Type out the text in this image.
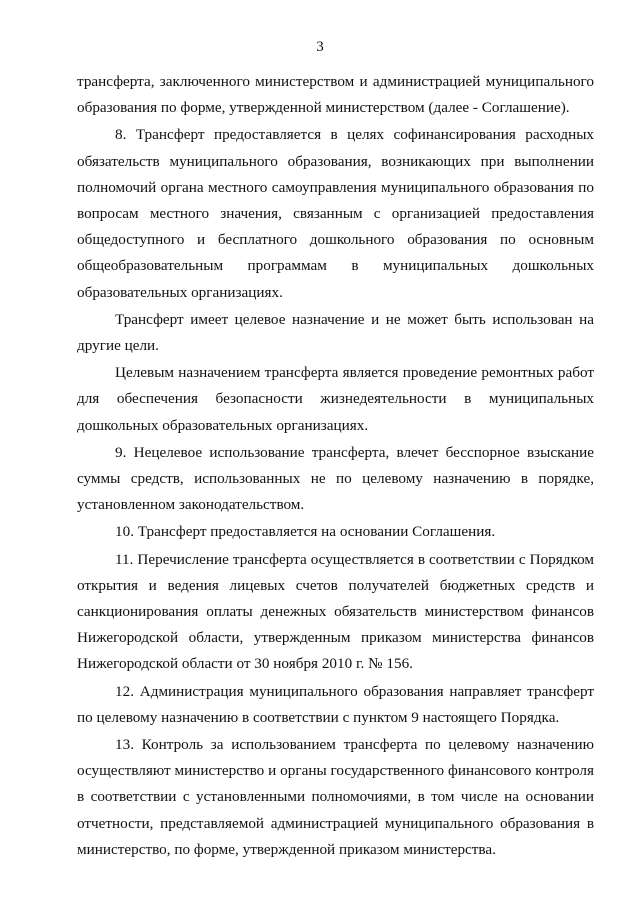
3

трансферта, заключенного министерством и администрацией муниципального образования по форме, утвержденной министерством (далее - Соглашение).

8. Трансферт предоставляется в целях софинансирования расходных обязательств муниципального образования, возникающих при выполнении полномочий органа местного самоуправления муниципального образования по вопросам местного значения, связанным с организацией предоставления общедоступного и бесплатного дошкольного образования по основным общеобразовательным программам в муниципальных дошкольных образовательных организациях.

Трансферт имеет целевое назначение и не может быть использован на другие цели.

Целевым назначением трансферта является проведение ремонтных работ для обеспечения безопасности жизнедеятельности в муниципальных дошкольных образовательных организациях.

9. Нецелевое использование трансферта, влечет бесспорное взыскание суммы средств, использованных не по целевому назначению в порядке, установленном законодательством.

10. Трансферт предоставляется на основании Соглашения.

11. Перечисление трансферта осуществляется в соответствии с Порядком открытия и ведения лицевых счетов получателей бюджетных средств и санкционирования оплаты денежных обязательств министерством финансов Нижегородской области, утвержденным приказом министерства финансов Нижегородской области от 30 ноября 2010 г. № 156.

12. Администрация муниципального образования направляет трансферт по целевому назначению в соответствии с пунктом 9 настоящего Порядка.

13. Контроль за использованием трансферта по целевому назначению осуществляют министерство и органы государственного финансового контроля в соответствии с установленными полномочиями, в том числе на основании отчетности, представляемой администрацией муниципального образования в министерство, по форме, утвержденной приказом министерства.
